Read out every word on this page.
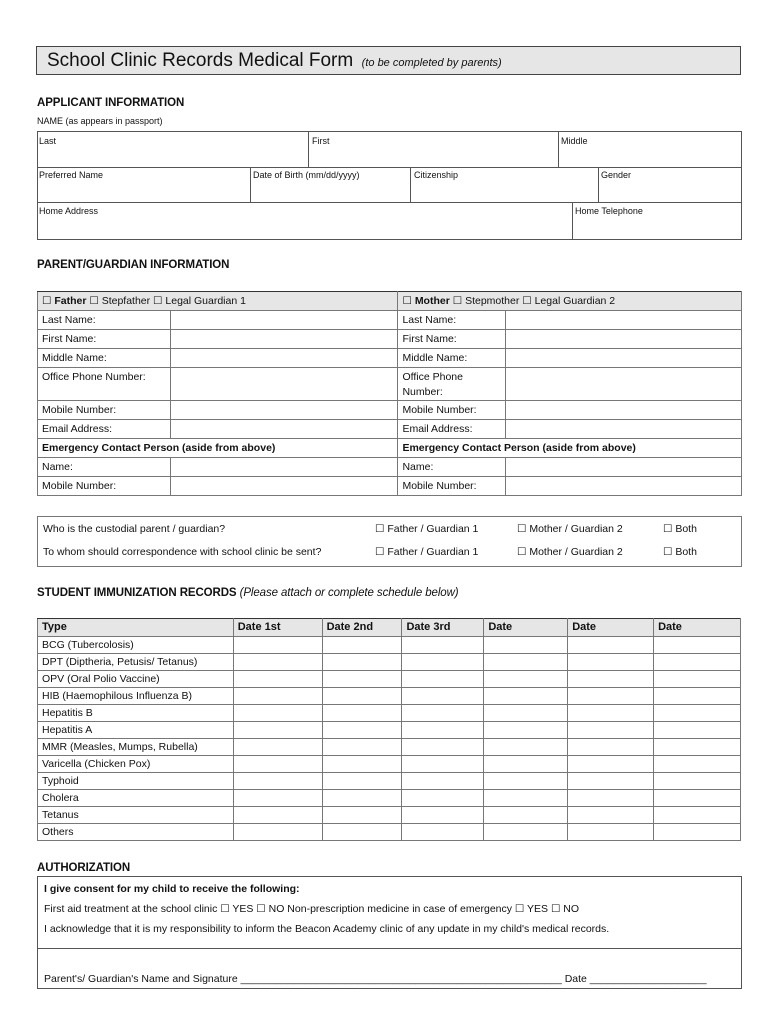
School Clinic Records Medical Form (to be completed by parents)
APPLICANT INFORMATION
NAME (as appears in passport)
Last	First	Middle
Preferred Name	Date of Birth (mm/dd/yyyy)	Citizenship	Gender
Home Address	Home Telephone
PARENT/GUARDIAN INFORMATION
☐ Father ☐ Stepfather ☐ Legal Guardian 1		☐ Mother ☐ Stepmother ☐ Legal Guardian 2	
Last Name:		Last Name:	
First Name:		First Name:	
Middle Name:		Middle Name:	
Office Phone Number:		Office Phone Number:	
Mobile Number:		Mobile Number:	
Email Address:		Email Address:	
Emergency Contact Person (aside from above)		Emergency Contact Person (aside from above)	
Name:		Name:	
Mobile Number:		Mobile Number:	
Who is the custodial parent / guardian?	☐ Father / Guardian 1	☐ Mother / Guardian 2	☐ Both
To whom should correspondence with school clinic be sent?	☐ Father / Guardian 1	☐ Mother / Guardian 2	☐ Both
STUDENT IMMUNIZATION RECORDS (Please attach or complete schedule below)
Type	Date 1st	Date 2nd	Date 3rd	Date	Date	Date
BCG (Tubercolosis)						
DPT (Diptheria, Petusis/ Tetanus)						
OPV (Oral Polio Vaccine)						
HIB (Haemophilous Influenza B)						
Hepatitis B						
Hepatitis A						
MMR (Measles, Mumps, Rubella)						
Varicella (Chicken Pox)						
Typhoid						
Cholera						
Tetanus						
Others						
AUTHORIZATION
I give consent for my child to receive the following:
First aid treatment at the school clinic ☐ YES ☐ NO Non-prescription medicine in case of emergency ☐ YES ☐ NO
I acknowledge that it is my responsibility to inform the Beacon Academy clinic of any update in my child's medical records.
Parent's/ Guardian's Name and Signature _______________________________________________________ Date ____________________
